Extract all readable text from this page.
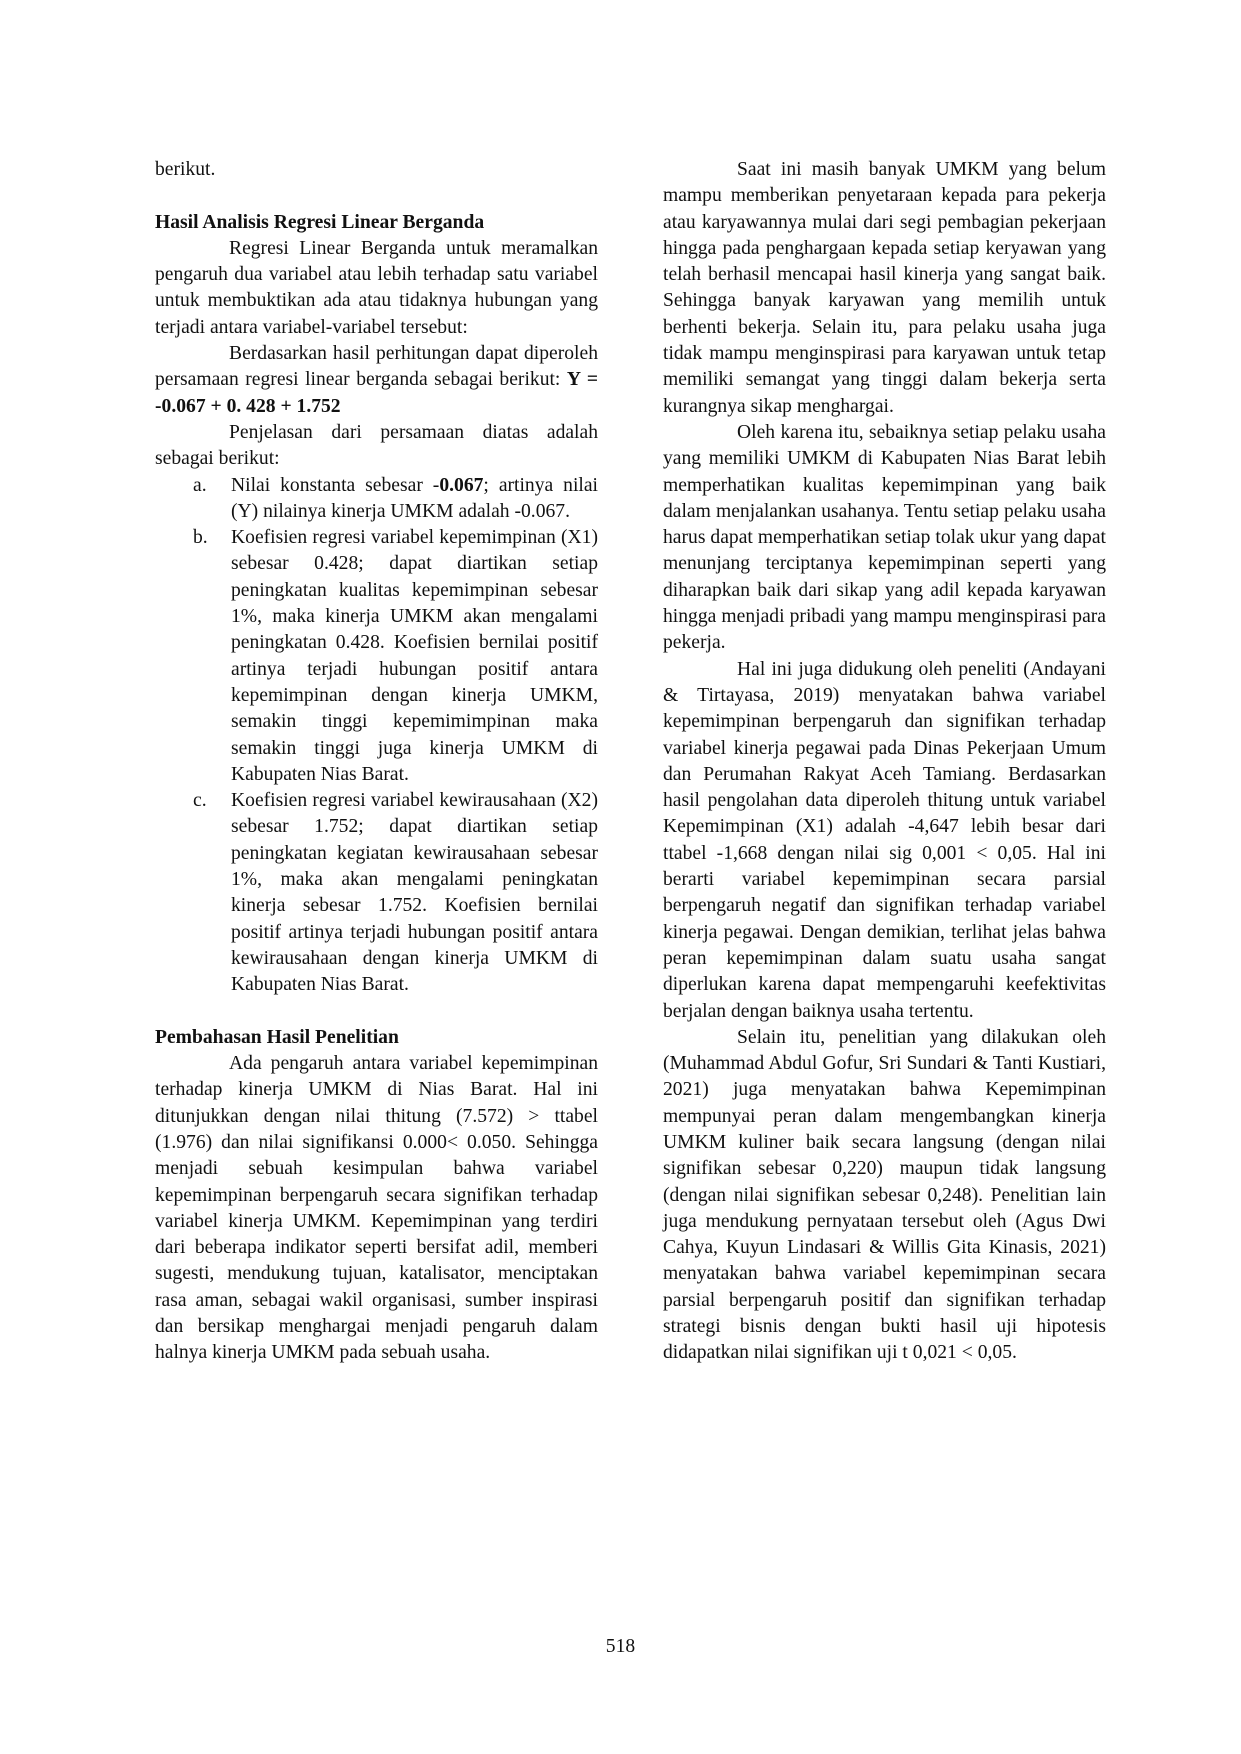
berikut.

Hasil Analisis Regresi Linear Berganda

Regresi Linear Berganda untuk meramalkan pengaruh dua variabel atau lebih terhadap satu variabel untuk membuktikan ada atau tidaknya hubungan yang terjadi antara variabel-variabel tersebut:

Berdasarkan hasil perhitungan dapat diperoleh persamaan regresi linear berganda sebagai berikut: Y = -0.067 + 0. 428 + 1.752

Penjelasan dari persamaan diatas adalah sebagai berikut:

a. Nilai konstanta sebesar -0.067; artinya nilai (Y) nilainya kinerja UMKM adalah -0.067.
b. Koefisien regresi variabel kepemimpinan (X1) sebesar 0.428; dapat diartikan setiap peningkatan kualitas kepemimpinan sebesar 1%, maka kinerja UMKM akan mengalami peningkatan 0.428. Koefisien bernilai positif artinya terjadi hubungan positif antara kepemimpinan dengan kinerja UMKM, semakin tinggi kepemimimpinan maka semakin tinggi juga kinerja UMKM di Kabupaten Nias Barat.
c. Koefisien regresi variabel kewirausahaan (X2) sebesar 1.752; dapat diartikan setiap peningkatan kegiatan kewirausahaan sebesar 1%, maka akan mengalami peningkatan kinerja sebesar 1.752. Koefisien bernilai positif artinya terjadi hubungan positif antara kewirausahaan dengan kinerja UMKM di Kabupaten Nias Barat.
Pembahasan Hasil Penelitian

Ada pengaruh antara variabel kepemimpinan terhadap kinerja UMKM di Nias Barat. Hal ini ditunjukkan dengan nilai thitung (7.572) > ttabel (1.976) dan nilai signifikansi 0.000< 0.050. Sehingga menjadi sebuah kesimpulan bahwa variabel kepemimpinan berpengaruh secara signifikan terhadap variabel kinerja UMKM. Kepemimpinan yang terdiri dari beberapa indikator seperti bersifat adil, memberi sugesti, mendukung tujuan, katalisator, menciptakan rasa aman, sebagai wakil organisasi, sumber inspirasi dan bersikap menghargai menjadi pengaruh dalam halnya kinerja UMKM pada sebuah usaha.

Saat ini masih banyak UMKM yang belum mampu memberikan penyetaraan kepada para pekerja atau karyawannya mulai dari segi pembagian pekerjaan hingga pada penghargaan kepada setiap keryawan yang telah berhasil mencapai hasil kinerja yang sangat baik. Sehingga banyak karyawan yang memilih untuk berhenti bekerja. Selain itu, para pelaku usaha juga tidak mampu menginspirasi para karyawan untuk tetap memiliki semangat yang tinggi dalam bekerja serta kurangnya sikap menghargai.

Oleh karena itu, sebaiknya setiap pelaku usaha yang memiliki UMKM di Kabupaten Nias Barat lebih memperhatikan kualitas kepemimpinan yang baik dalam menjalankan usahanya. Tentu setiap pelaku usaha harus dapat memperhatikan setiap tolak ukur yang dapat menunjang terciptanya kepemimpinan seperti yang diharapkan baik dari sikap yang adil kepada karyawan hingga menjadi pribadi yang mampu menginspirasi para pekerja.

Hal ini juga didukung oleh peneliti (Andayani & Tirtayasa, 2019) menyatakan bahwa variabel kepemimpinan berpengaruh dan signifikan terhadap variabel kinerja pegawai pada Dinas Pekerjaan Umum dan Perumahan Rakyat Aceh Tamiang. Berdasarkan hasil pengolahan data diperoleh thitung untuk variabel Kepemimpinan (X1) adalah -4,647 lebih besar dari ttabel -1,668 dengan nilai sig 0,001 < 0,05. Hal ini berarti variabel kepemimpinan secara parsial berpengaruh negatif dan signifikan terhadap variabel kinerja pegawai. Dengan demikian, terlihat jelas bahwa peran kepemimpinan dalam suatu usaha sangat diperlukan karena dapat mempengaruhi keefektivitas berjalan dengan baiknya usaha tertentu.

Selain itu, penelitian yang dilakukan oleh (Muhammad Abdul Gofur, Sri Sundari & Tanti Kustiari, 2021) juga menyatakan bahwa Kepemimpinan mempunyai peran dalam mengembangkan kinerja UMKM kuliner baik secara langsung (dengan nilai signifikan sebesar 0,220) maupun tidak langsung (dengan nilai signifikan sebesar 0,248). Penelitian lain juga mendukung pernyataan tersebut oleh (Agus Dwi Cahya, Kuyun Lindasari & Willis Gita Kinasis, 2021) menyatakan bahwa variabel kepemimpinan secara parsial berpengaruh positif dan signifikan terhadap strategi bisnis dengan bukti hasil uji hipotesis didapatkan nilai signifikan uji t 0,021 < 0,05.

518
